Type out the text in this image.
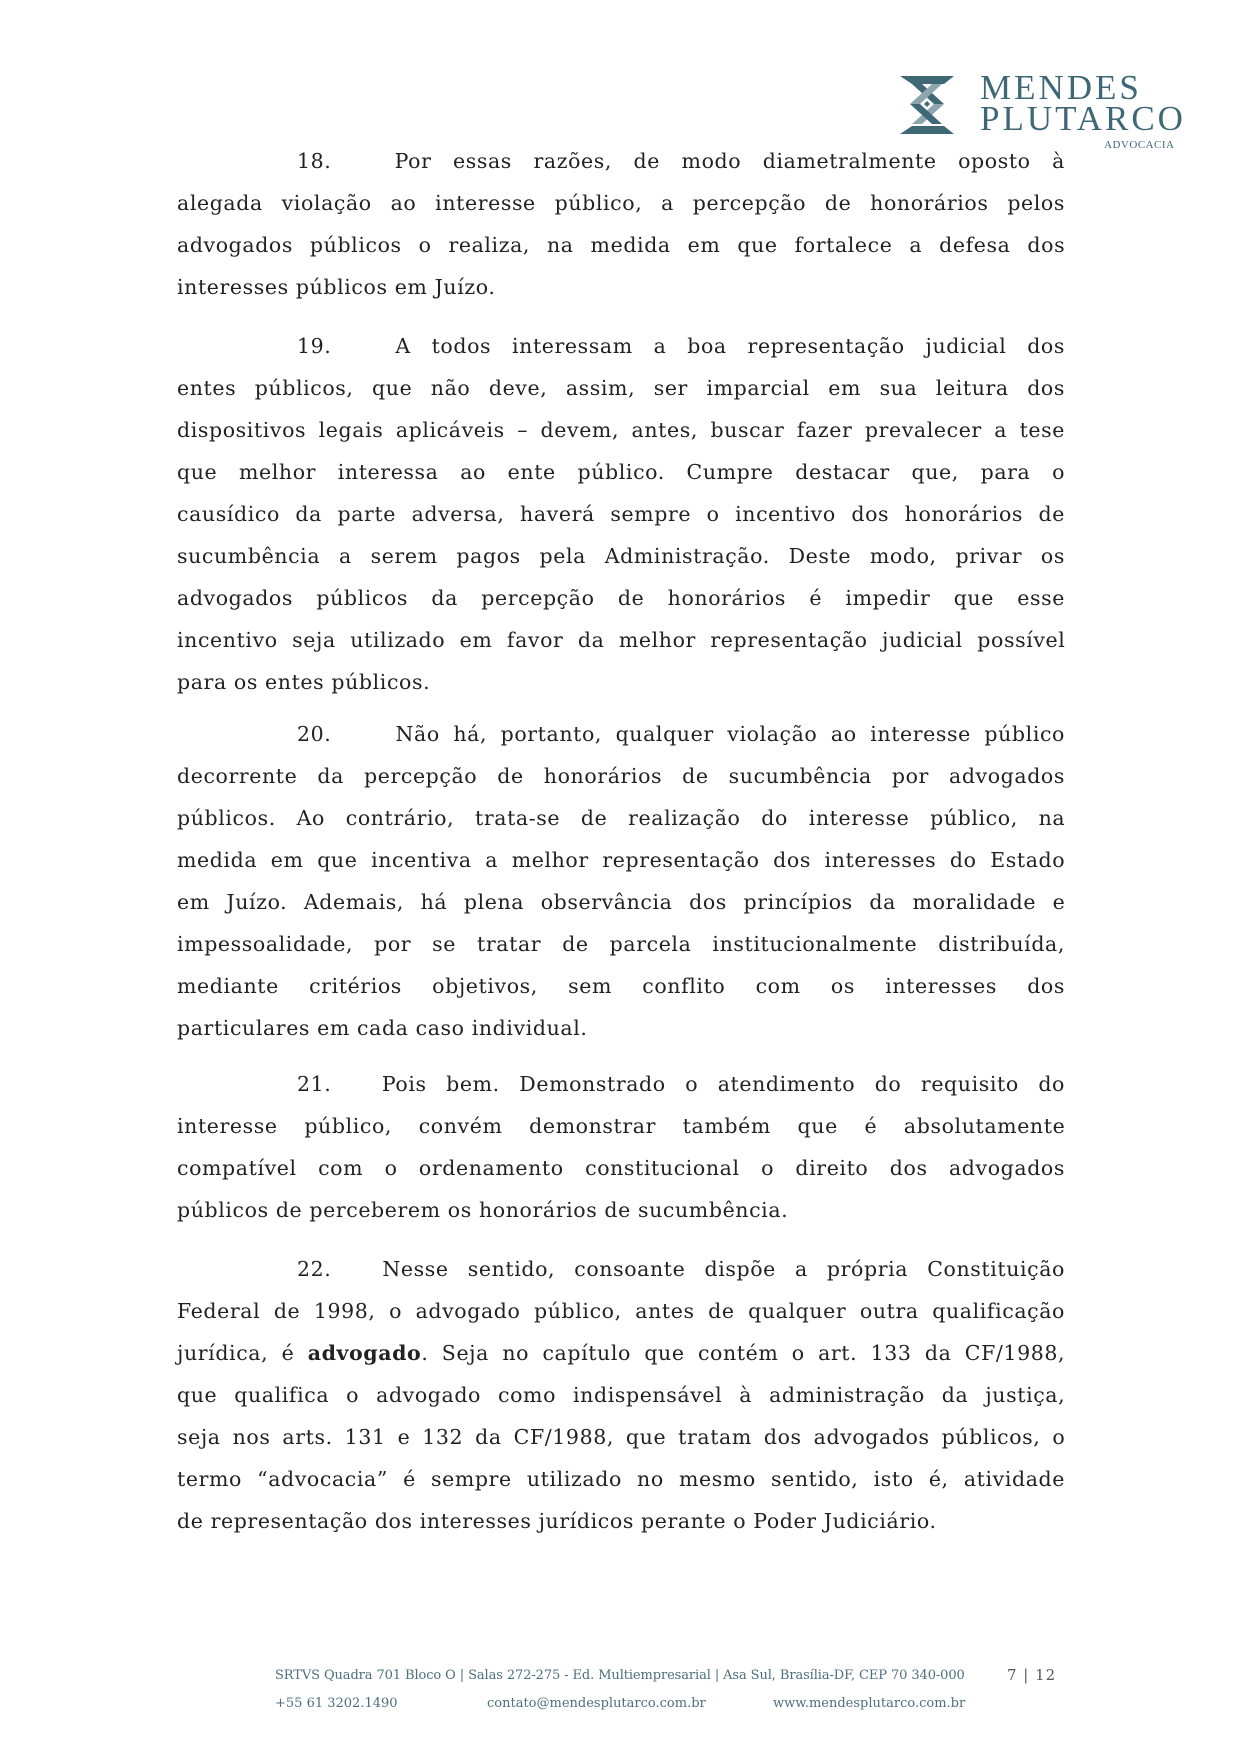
MENDES
PLUTARCO
ADVOCACIA
18.	Por essas razões, de modo diametralmente oposto à
alegada violação ao interesse público, a percepção de honorários pelos
advogados públicos o realiza, na medida em que fortalece a defesa dos
interesses públicos em Juízo.
19.	A todos interessam a boa representação judicial dos
entes públicos, que não deve, assim, ser imparcial em sua leitura dos
dispositivos legais aplicáveis – devem, antes, buscar fazer prevalecer a tese
que melhor interessa ao ente público. Cumpre destacar que, para o
causídico da parte adversa, haverá sempre o incentivo dos honorários de
sucumbência a serem pagos pela Administração. Deste modo, privar os
advogados públicos da percepção de honorários é impedir que esse
incentivo seja utilizado em favor da melhor representação judicial possível
para os entes públicos.
20.	Não há, portanto, qualquer violação ao interesse público
decorrente da percepção de honorários de sucumbência por advogados
públicos. Ao contrário, trata-se de realização do interesse público, na
medida em que incentiva a melhor representação dos interesses do Estado
em Juízo. Ademais, há plena observância dos princípios da moralidade e
impessoalidade, por se tratar de parcela institucionalmente distribuída,
mediante critérios objetivos, sem conflito com os interesses dos
particulares em cada caso individual.
21.	Pois bem. Demonstrado o atendimento do requisito do
interesse público, convém demonstrar também que é absolutamente
compatível com o ordenamento constitucional o direito dos advogados
públicos de perceberem os honorários de sucumbência.
22.	Nesse sentido, consoante dispõe a própria Constituição
Federal de 1998, o advogado público, antes de qualquer outra qualificação
jurídica, é advogado. Seja no capítulo que contém o art. 133 da CF/1988,
que qualifica o advogado como indispensável à administração da justiça,
seja nos arts. 131 e 132 da CF/1988, que tratam dos advogados públicos, o
termo “advocacia” é sempre utilizado no mesmo sentido, isto é, atividade
de representação dos interesses jurídicos perante o Poder Judiciário.
SRTVS Quadra 701 Bloco O | Salas 272-275 - Ed. Multiempresarial | Asa Sul, Brasília-DF, CEP 70 340-000	7 | 12
+55 61 3202.1490	contato@mendesplutarco.com.br	www.mendesplutarco.com.br
